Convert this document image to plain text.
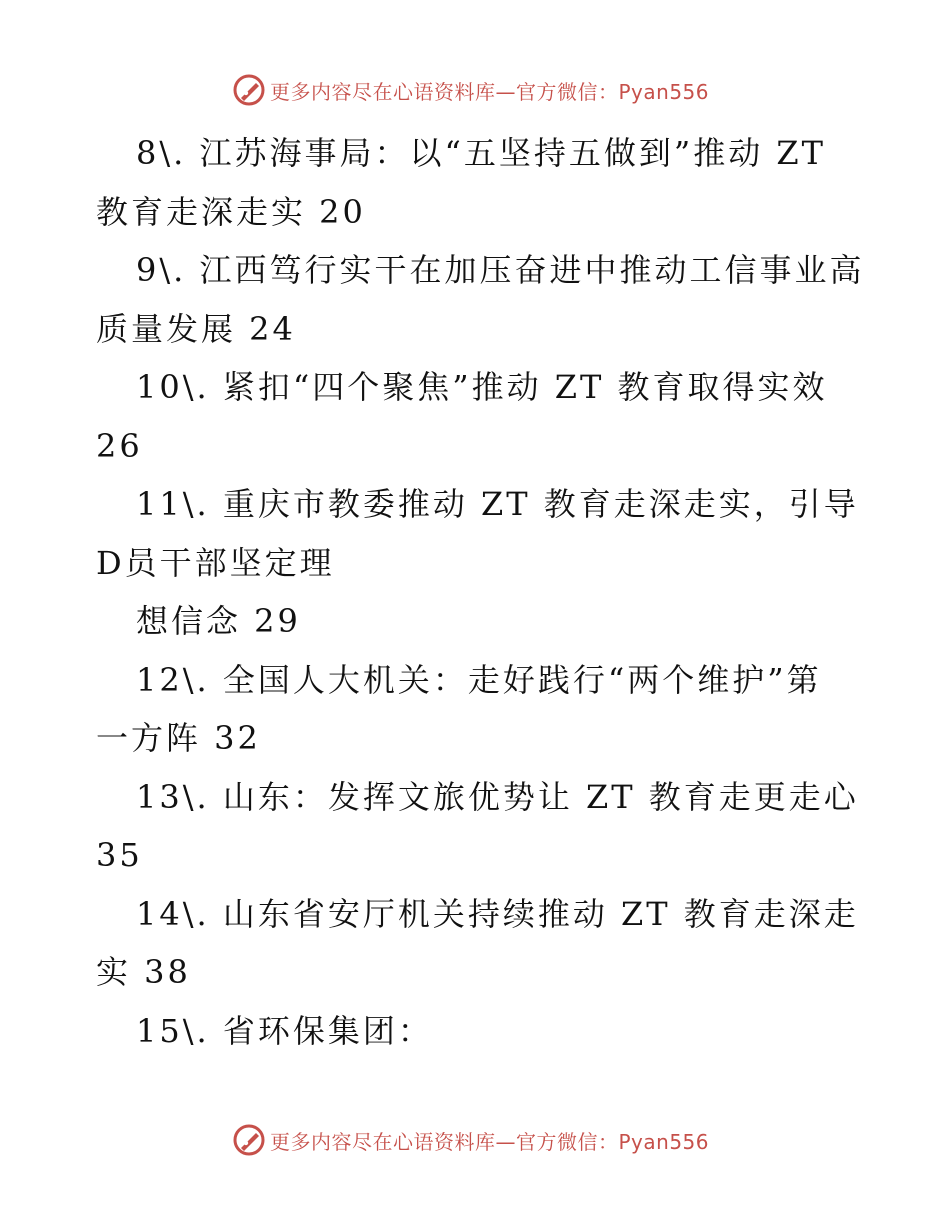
更多内容尽在心语资料库—官方微信：Pyan556
8\. 江苏海事局：以“五坚持五做到”推动 ZT
教育走深走实 20
9\. 江西笃行实干在加压奋进中推动工信事业高
质量发展 24
10\. 紧扣“四个聚焦”推动 ZT 教育取得实效
26
11\. 重庆市教委推动 ZT 教育走深走实，引导
D员干部坚定理
想信念 29
12\. 全国人大机关：走好践行“两个维护”第
一方阵 32
13\. 山东：发挥文旅优势让 ZT 教育走更走心
35
14\. 山东省安厅机关持续推动 ZT 教育走深走
实 38
15\. 省环保集团：
更多内容尽在心语资料库—官方微信：Pyan556
